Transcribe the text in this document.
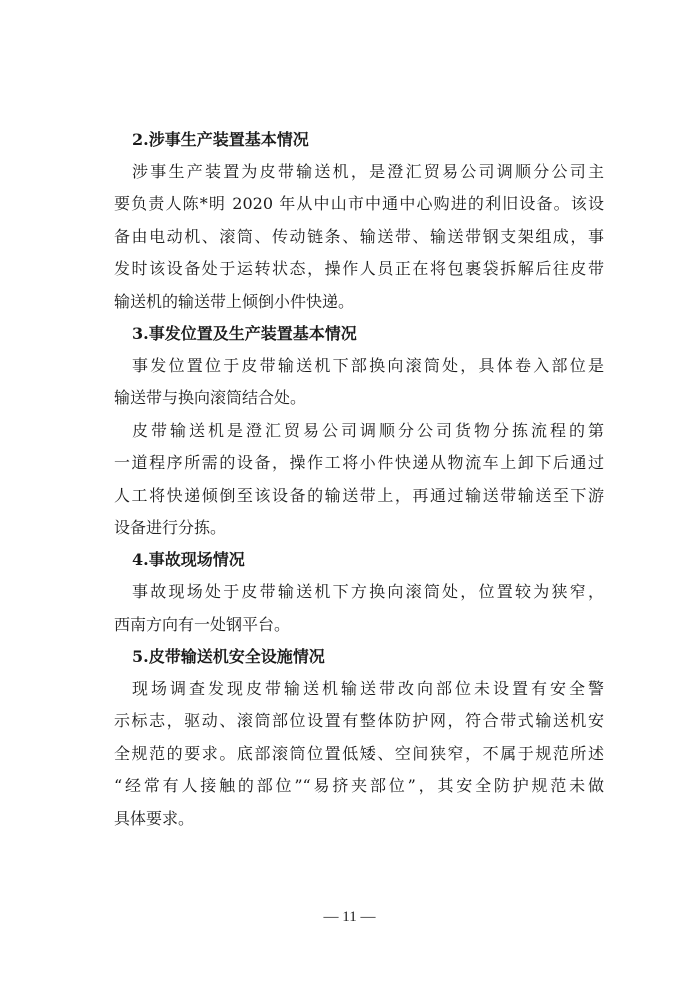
2.涉事生产装置基本情况
涉事生产装置为皮带输送机，是澄汇贸易公司调顺分公司主
要负责人陈*明 2020 年从中山市中通中心购进的利旧设备。该设
备由电动机、滚筒、传动链条、输送带、输送带钢支架组成，事
发时该设备处于运转状态，操作人员正在将包裹袋拆解后往皮带
输送机的输送带上倾倒小件快递。
3.事发位置及生产装置基本情况
事发位置位于皮带输送机下部换向滚筒处，具体卷入部位是
输送带与换向滚筒结合处。
皮带输送机是澄汇贸易公司调顺分公司货物分拣流程的第
一道程序所需的设备，操作工将小件快递从物流车上卸下后通过
人工将快递倾倒至该设备的输送带上，再通过输送带输送至下游
设备进行分拣。
4.事故现场情况
事故现场处于皮带输送机下方换向滚筒处，位置较为狭窄，
西南方向有一处钢平台。
5.皮带输送机安全设施情况
现场调查发现皮带输送机输送带改向部位未设置有安全警
示标志，驱动、滚筒部位设置有整体防护网，符合带式输送机安
全规范的要求。底部滚筒位置低矮、空间狭窄，不属于规范所述
“经常有人接触的部位”“易挤夹部位”，其安全防护规范未做
具体要求。
— 11 —
